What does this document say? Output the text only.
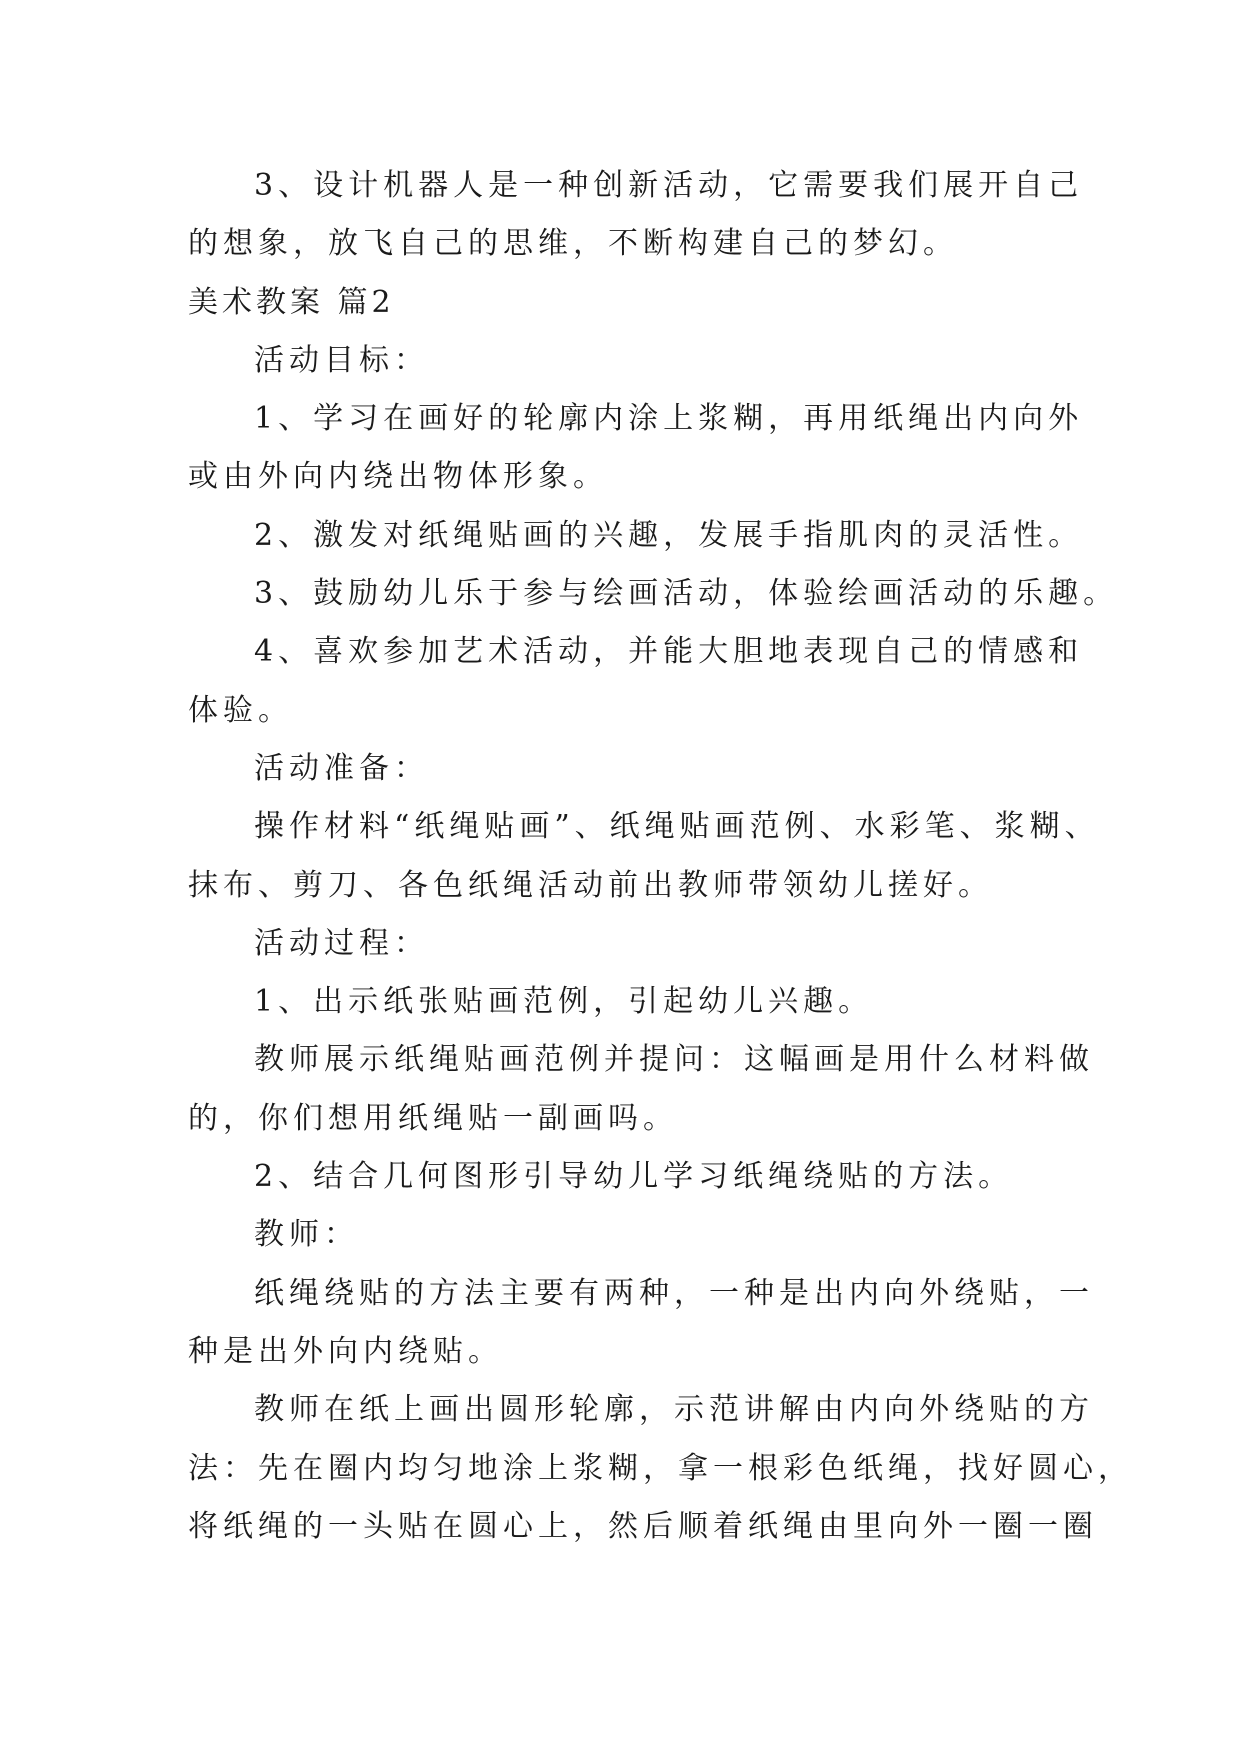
3、设计机器人是一种创新活动，它需要我们展开自己
的想象，放飞自己的思维，不断构建自己的梦幻。
美术教案 篇2
活动目标：
1、学习在画好的轮廓内涂上浆糊，再用纸绳出内向外
或由外向内绕出物体形象。
2、激发对纸绳贴画的兴趣，发展手指肌肉的灵活性。
3、鼓励幼儿乐于参与绘画活动，体验绘画活动的乐趣。
4、喜欢参加艺术活动，并能大胆地表现自己的情感和
体验。
活动准备：
操作材料“纸绳贴画”、纸绳贴画范例、水彩笔、浆糊、
抹布、剪刀、各色纸绳活动前出教师带领幼儿搓好。
活动过程：
1、出示纸张贴画范例，引起幼儿兴趣。
教师展示纸绳贴画范例并提问：这幅画是用什么材料做
的，你们想用纸绳贴一副画吗。
2、结合几何图形引导幼儿学习纸绳绕贴的方法。
教师：
纸绳绕贴的方法主要有两种，一种是出内向外绕贴，一
种是出外向内绕贴。
教师在纸上画出圆形轮廓，示范讲解由内向外绕贴的方
法：先在圈内均匀地涂上浆糊，拿一根彩色纸绳，找好圆心，
将纸绳的一头贴在圆心上，然后顺着纸绳由里向外一圈一圈
